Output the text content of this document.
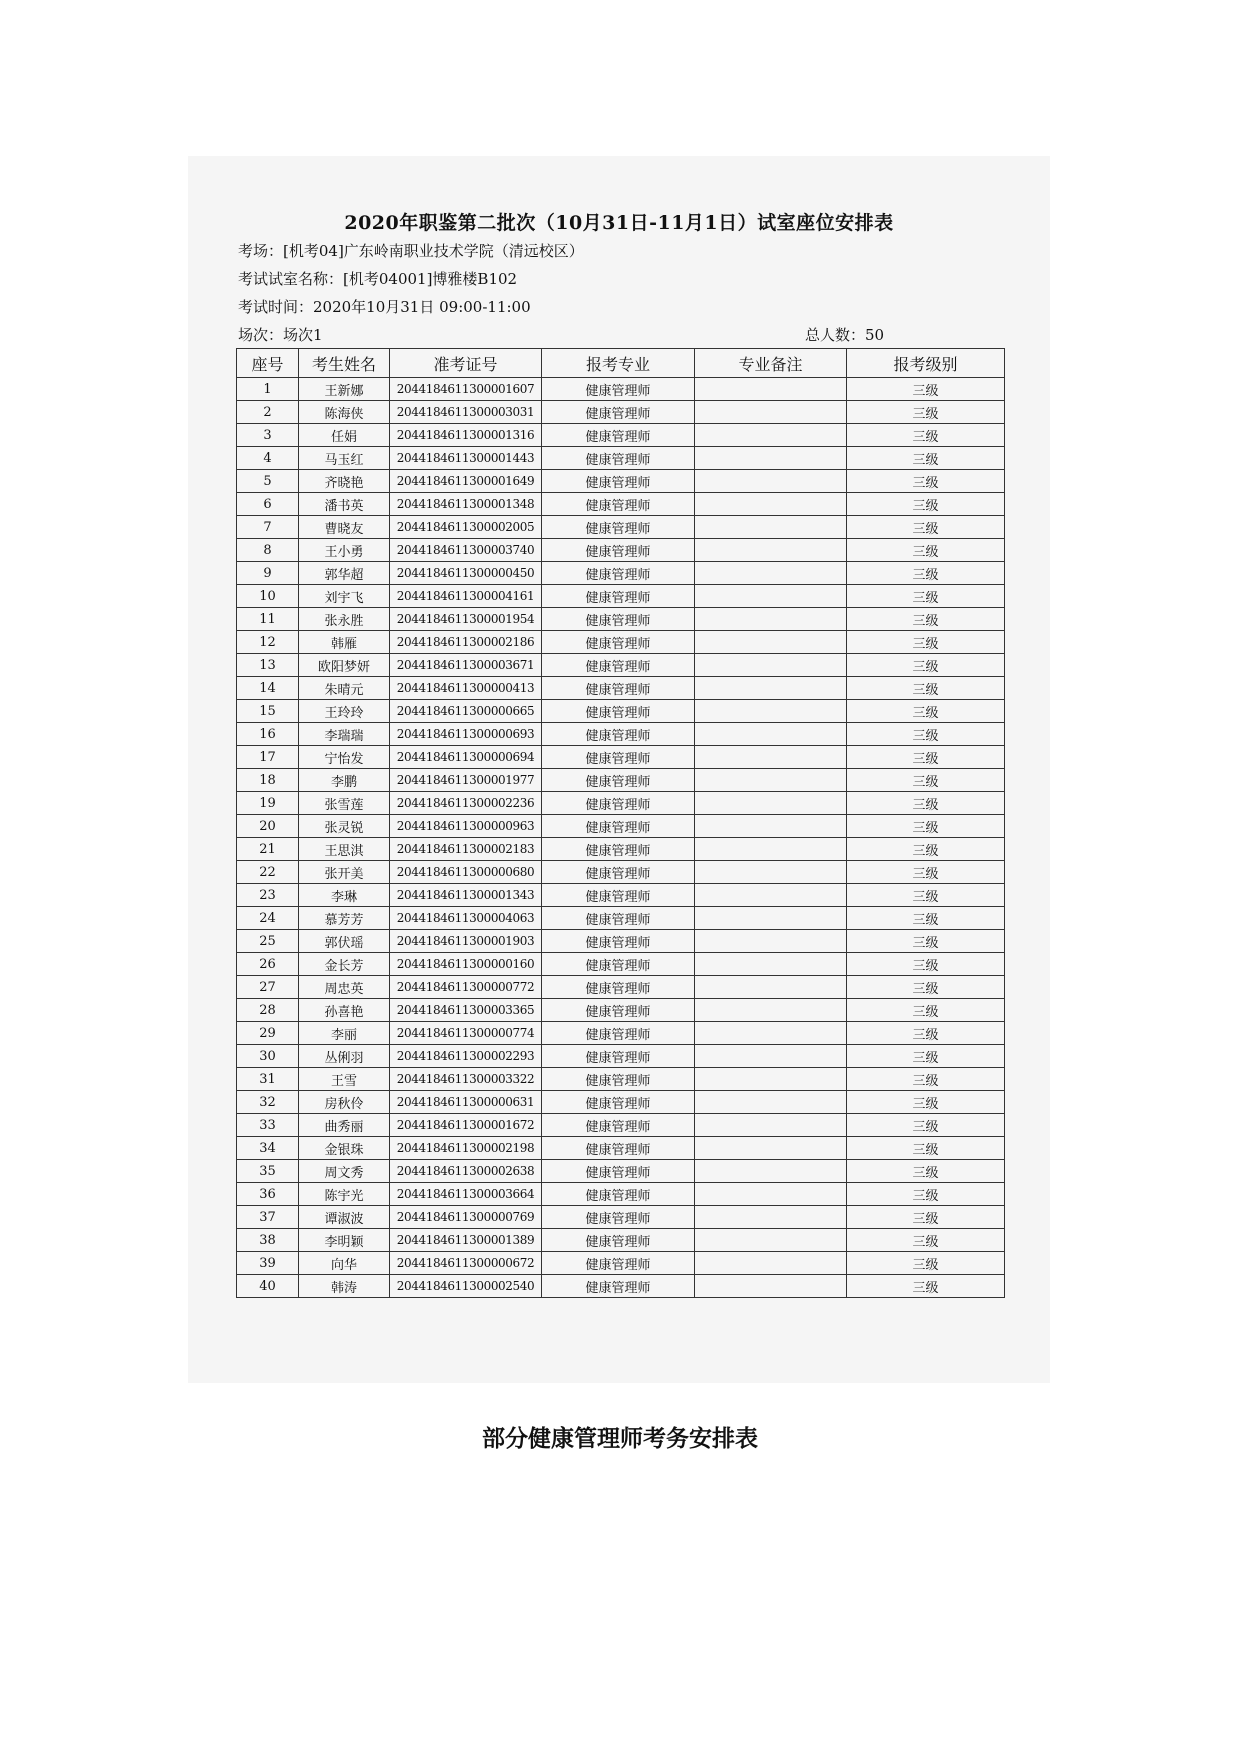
2020年职鉴第二批次（10月31日-11月1日）试室座位安排表
考场：[机考04]广东岭南职业技术学院（清远校区）
考试试室名称：[机考04001]博雅楼B102
考试时间：2020年10月31日 09:00-11:00
场次：场次1	总人数：50
座号	考生姓名	准考证号	报考专业	专业备注	报考级别
1	王新娜	2044184611300001607	健康管理师		三级
2	陈海侠	2044184611300003031	健康管理师		三级
3	任娟	2044184611300001316	健康管理师		三级
4	马玉红	2044184611300001443	健康管理师		三级
5	齐晓艳	2044184611300001649	健康管理师		三级
6	潘书英	2044184611300001348	健康管理师		三级
7	曹晓友	2044184611300002005	健康管理师		三级
8	王小勇	2044184611300003740	健康管理师		三级
9	郭华超	2044184611300000450	健康管理师		三级
10	刘宇飞	2044184611300004161	健康管理师		三级
11	张永胜	2044184611300001954	健康管理师		三级
12	韩雁	2044184611300002186	健康管理师		三级
13	欧阳梦妍	2044184611300003671	健康管理师		三级
14	朱晴元	2044184611300000413	健康管理师		三级
15	王玲玲	2044184611300000665	健康管理师		三级
16	李瑞瑞	2044184611300000693	健康管理师		三级
17	宁怡发	2044184611300000694	健康管理师		三级
18	李鹏	2044184611300001977	健康管理师		三级
19	张雪莲	2044184611300002236	健康管理师		三级
20	张灵锐	2044184611300000963	健康管理师		三级
21	王思淇	2044184611300002183	健康管理师		三级
22	张开美	2044184611300000680	健康管理师		三级
23	李琳	2044184611300001343	健康管理师		三级
24	慕芳芳	2044184611300004063	健康管理师		三级
25	郭伏瑶	2044184611300001903	健康管理师		三级
26	金长芳	2044184611300000160	健康管理师		三级
27	周忠英	2044184611300000772	健康管理师		三级
28	孙喜艳	2044184611300003365	健康管理师		三级
29	李丽	2044184611300000774	健康管理师		三级
30	丛俐羽	2044184611300002293	健康管理师		三级
31	王雪	2044184611300003322	健康管理师		三级
32	房秋伶	2044184611300000631	健康管理师		三级
33	曲秀丽	2044184611300001672	健康管理师		三级
34	金银珠	2044184611300002198	健康管理师		三级
35	周文秀	2044184611300002638	健康管理师		三级
36	陈宇光	2044184611300003664	健康管理师		三级
37	谭淑波	2044184611300000769	健康管理师		三级
38	李明颖	2044184611300001389	健康管理师		三级
39	向华	2044184611300000672	健康管理师		三级
40	韩涛	2044184611300002540	健康管理师		三级
部分健康管理师考务安排表
